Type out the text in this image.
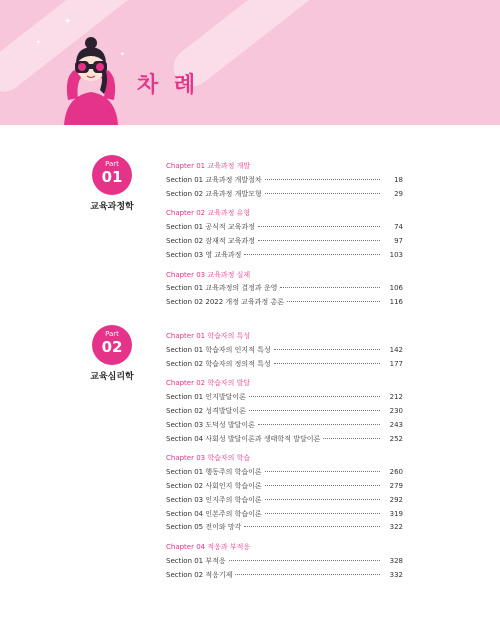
✦
✦
✦
차 례
Part
01
교육과정학
Chapter 01 교육과정 개발
Section 01 교육과정 개발절차	18
Section 02 교육과정 개발모형	29
Chapter 02 교육과정 유형
Section 01 공식적 교육과정	74
Section 02 잠재적 교육과정	97
Section 03 영 교육과정	103
Chapter 03 교육과정 실제
Section 01 교육과정의 결정과 운영	106
Section 02 2022 개정 교육과정 총론	116
Part
02
교육심리학
Chapter 01 학습자의 특성
Section 01 학습자의 인지적 특성	142
Section 02 학습자의 정의적 특성	177
Chapter 02 학습자의 발달
Section 01 인지발달이론	212
Section 02 성격발달이론	230
Section 03 도덕성 발달이론	243
Section 04 사회성 발달이론과 생태학적 발달이론	252
Chapter 03 학습자의 학습
Section 01 행동주의 학습이론	260
Section 02 사회인지 학습이론	279
Section 03 인지주의 학습이론	292
Section 04 인본주의 학습이론	319
Section 05 전이와 망각	322
Chapter 04 적응과 부적응
Section 01 부적응	328
Section 02 적응기제	332
